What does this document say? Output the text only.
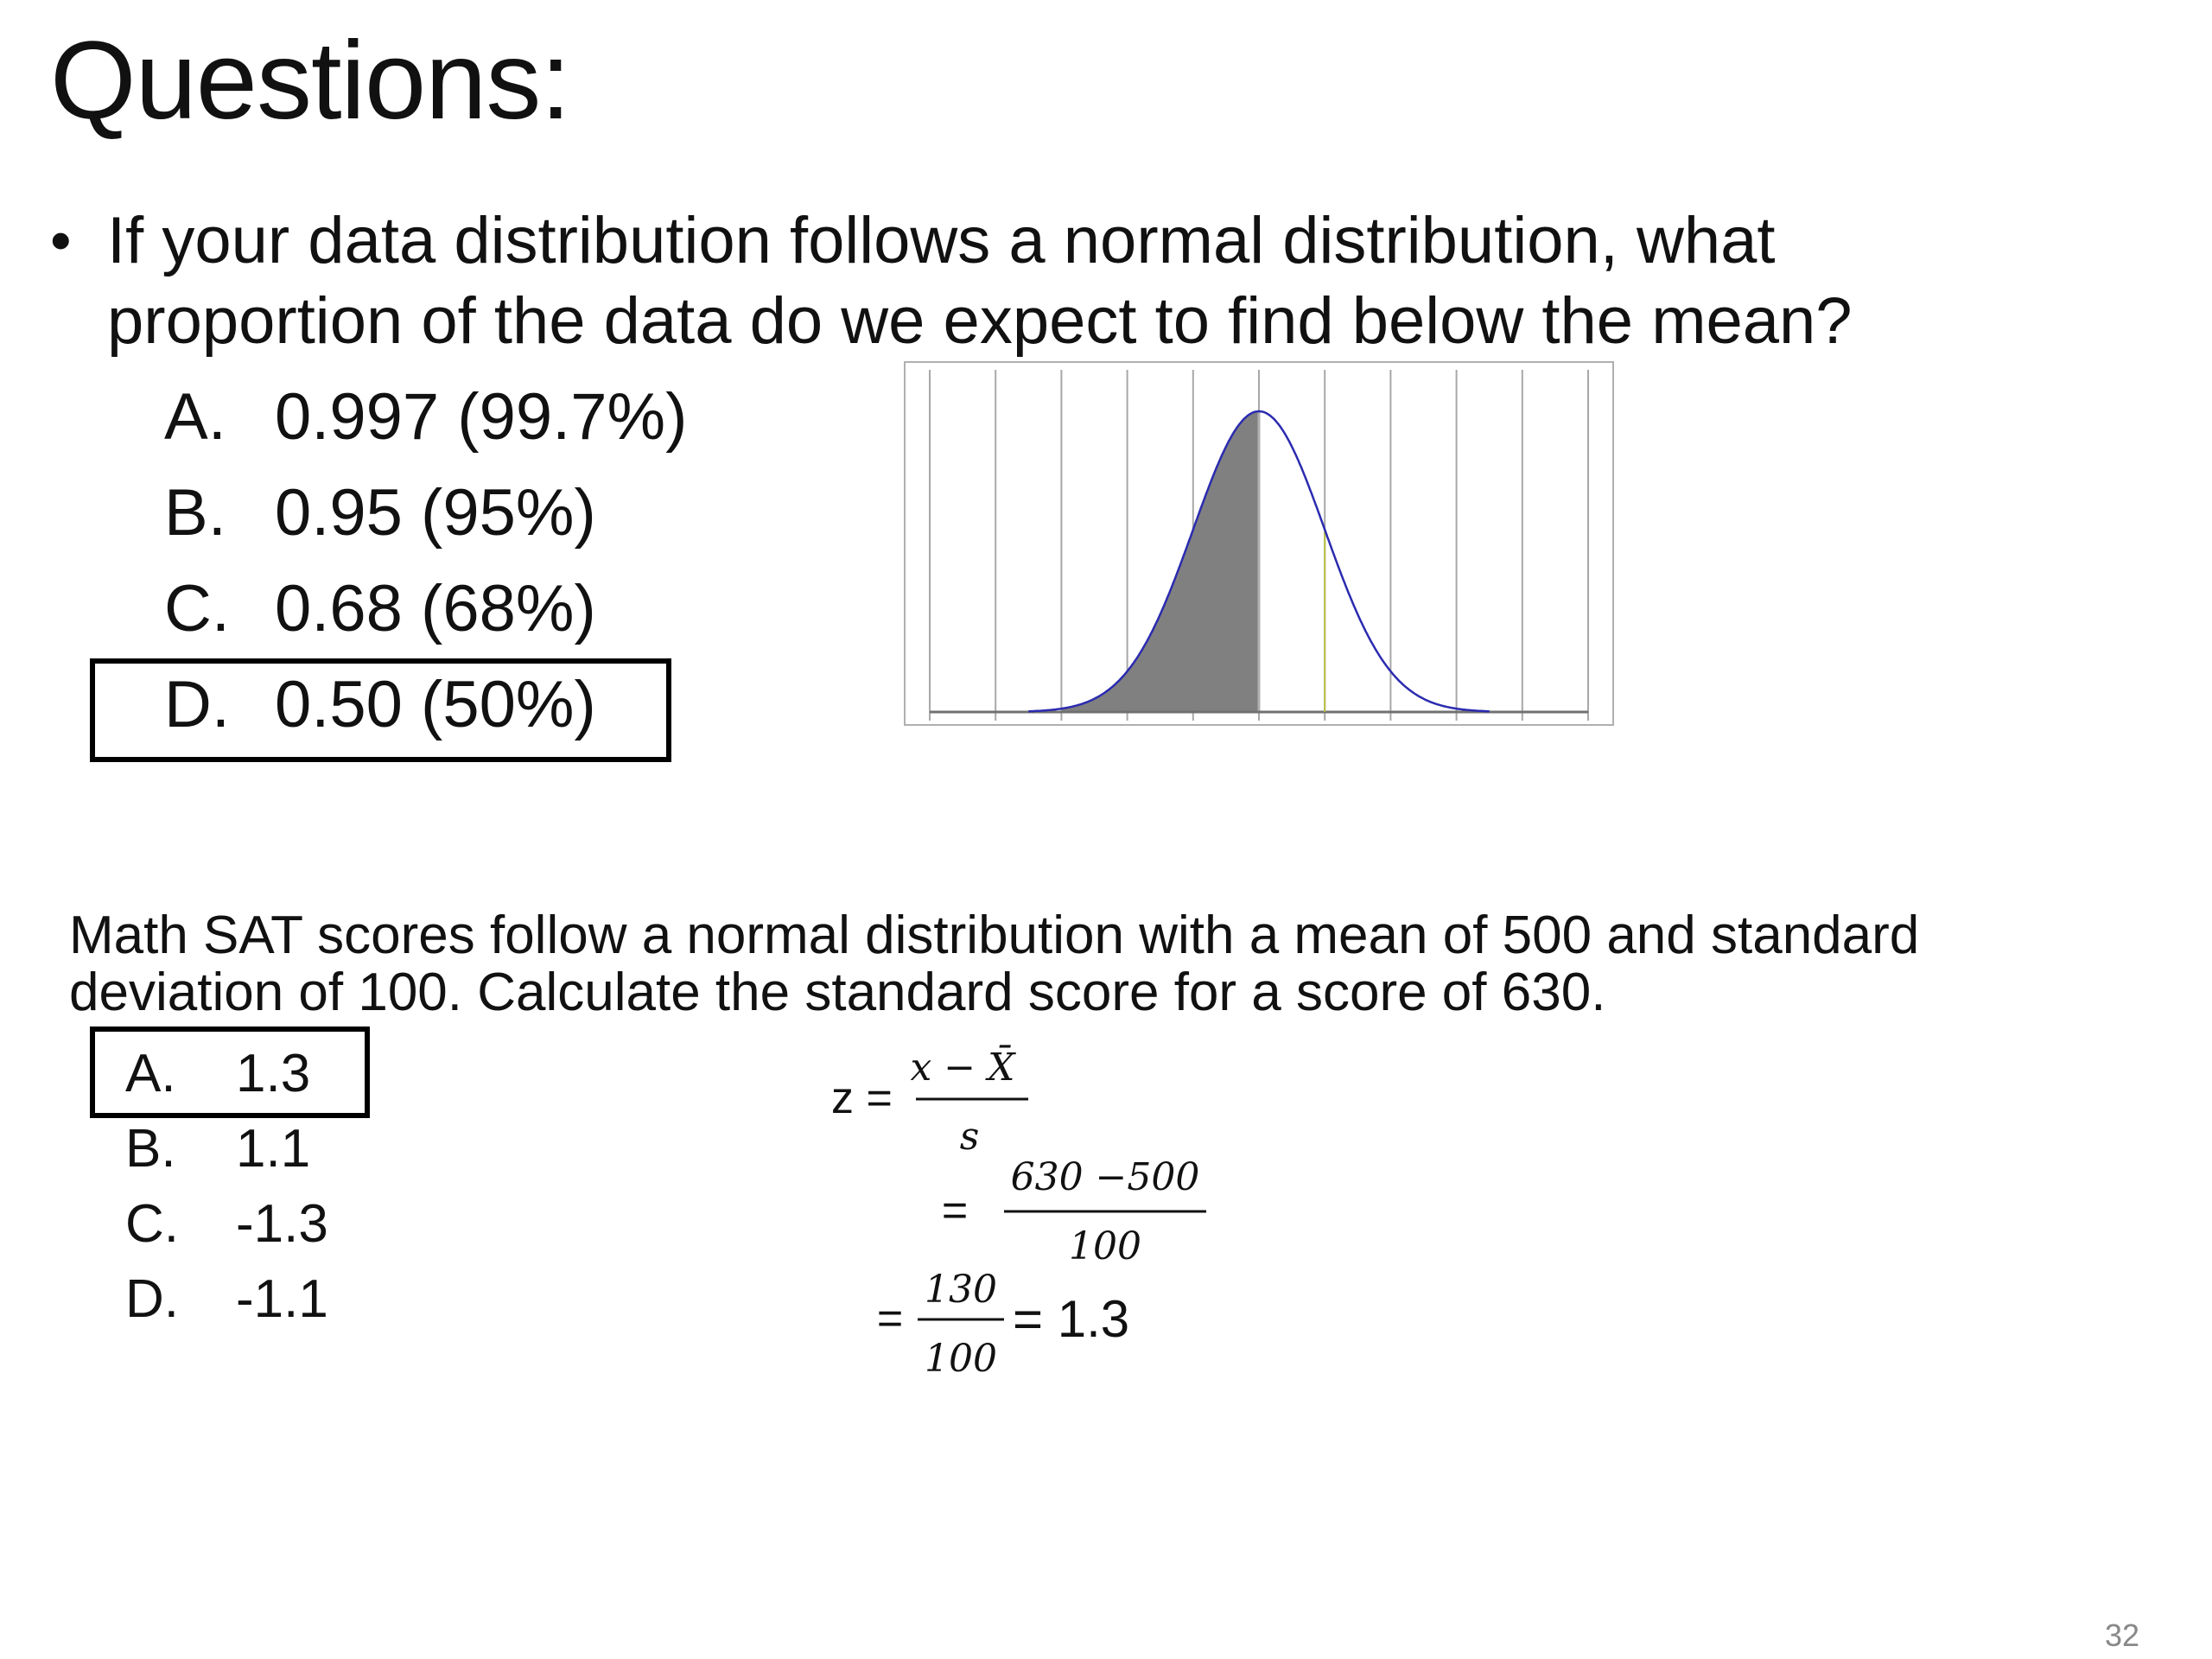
Questions:
• If your data distribution follows a normal distribution, what proportion of the data do we expect to find below the mean?
A. 0.997 (99.7%)
B. 0.95 (95%)
C. 0.68 (68%)
D. 0.50 (50%)
Math SAT scores follow a normal distribution with a mean of 500 and standard
deviation of 100. Calculate the standard score for a score of 630.
A. 1.3
B. 1.1
C. -1.3
D. -1.1
z =
x − X̄
s
=
630 −500
100
=
130
100
= 1.3
32
